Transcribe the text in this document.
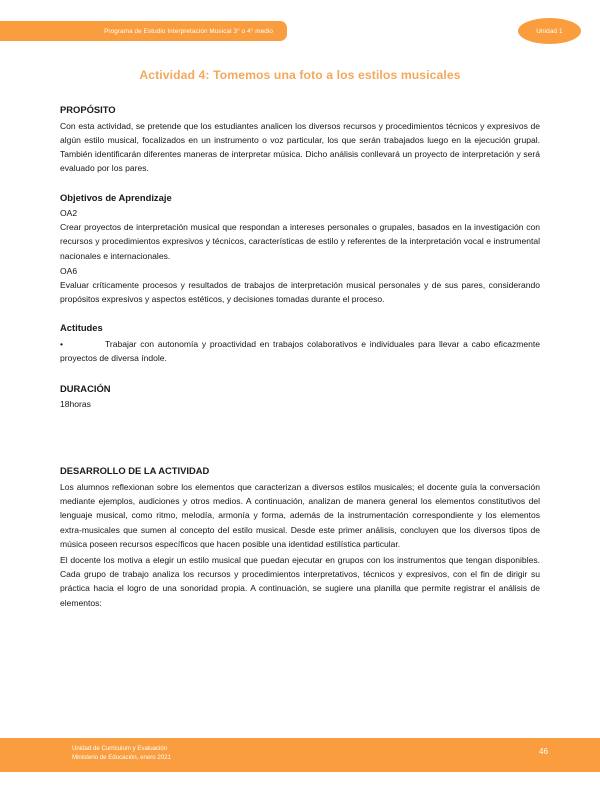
Programa de Estudio Interpretación Musical 3° o 4° medio	Unidad 1
Actividad 4: Tomemos una foto a los estilos musicales
PROPÓSITO

Con esta actividad, se pretende que los estudiantes analicen los diversos recursos y procedimientos técnicos y expresivos de algún estilo musical, focalizados en un instrumento o voz particular, los que serán trabajados luego en la ejecución grupal. También identificarán diferentes maneras de interpretar música. Dicho análisis conllevará un proyecto de interpretación y será evaluado por los pares.

Objetivos de Aprendizaje
OA2

Crear proyectos de interpretación musical que respondan a intereses personales o grupales, basados en la investigación con recursos y procedimientos expresivos y técnicos, características de estilo y referentes de la interpretación vocal e instrumental nacionales e internacionales.

OA6

Evaluar críticamente procesos y resultados de trabajos de interpretación musical personales y de sus pares, considerando propósitos expresivos y aspectos estéticos, y decisiones tomadas durante el proceso.

Actitudes
•	Trabajar con autonomía y proactividad en trabajos colaborativos e individuales para llevar a cabo eficazmente proyectos de diversa índole.
DURACIÓN
18horas
DESARROLLO DE LA ACTIVIDAD

Los alumnos reflexionan sobre los elementos que caracterizan a diversos estilos musicales; el docente guía la conversación mediante ejemplos, audiciones y otros medios. A continuación, analizan de manera general los elementos constitutivos del lenguaje musical, como ritmo, melodía, armonía y forma, además de la instrumentación correspondiente y los elementos extra-musicales que sumen al concepto del estilo musical. Desde este primer análisis, concluyen que los diversos tipos de música poseen recursos específicos que hacen posible una identidad estilística particular.

El docente los motiva a elegir un estilo musical que puedan ejecutar en grupos con los instrumentos que tengan disponibles. Cada grupo de trabajo analiza los recursos y procedimientos interpretativos, técnicos y expresivos, con el fin de dirigir su práctica hacia el logro de una sonoridad propia. A continuación, se sugiere una planilla que permite registrar el análisis de elementos:

Unidad de Curriculum y Evaluación
Ministerio de Educación, enero 2021
46
